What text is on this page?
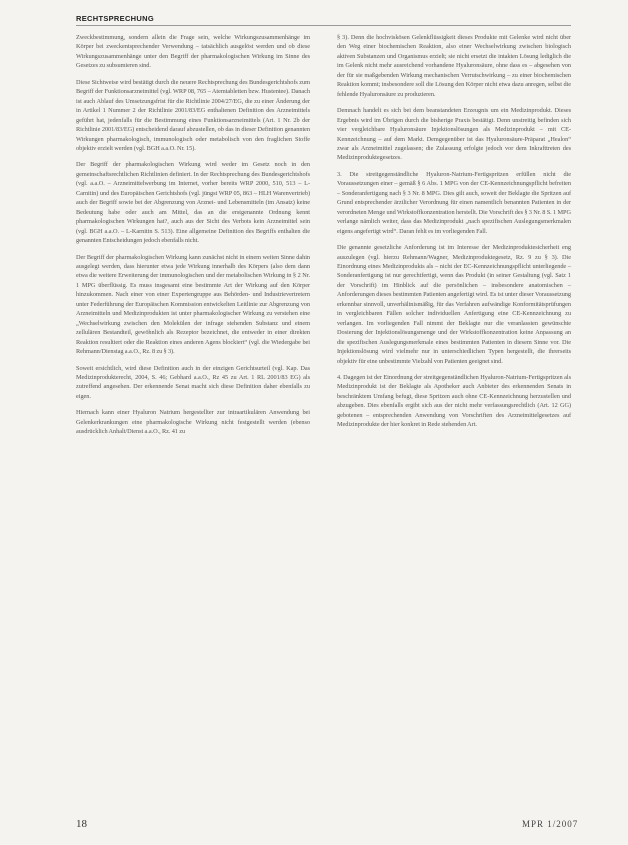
RECHTSPRECHUNG

Zweckbestimmung, sondern allein die Frage sein, welche Wirkungszusammenhänge im Körper bei zweckentsprechender Verwendung – tatsächlich ausgelöst werden und ob diese Wirkungszusammenhänge unter den Begriff der pharmakologischen Wirkung im Sinne des Gesetzes zu subsumieren sind.

Diese Sichtweise wird bestätigt durch die neuere Rechtsprechung des Bundesgerichtshofs zum Begriff der Funktionsarzneimittel (vgl. WRP 08, 765 – Atemtabletten bzw. Hustentee). Danach ist auch Ablauf des Umsetzungsfrist für die Richtlinie 2004/27/EG, die zu einer Änderung der in Artikel 1 Nummer 2 der Richtlinie 2001/83/EG enthaltenen Definition des Arzneimittels geführt hat, jedenfalls für die Bestimmung eines Funktionsarzneimittels (Art. 1 Nr. 2b der Richtlinie 2001/83/EG) entscheidend darauf abzustellen, ob das in dieser Definition genannten Wirkungen pharmakologisch, immunologisch oder metabolisch von den fraglichen Stoffe objektiv erzielt werden (vgl. BGH a.a.O. Nr. 15).

Der Begriff der pharmakologischen Wirkung wird weder im Gesetz noch in den gemeinschaftsrechtlichen Richtlinien definiert. In der Rechtsprechung des Bundesgerichtshofs (vgl. a.a.O. – Arzneimittelwerbung im Internet, vorher bereits WRP 2000, 510, 513 – L-Carnitin) und des Europäischen Gerichtshofs (vgl. jüngst WRP 05, 863 – HLH Warenvertrieb) auch der Begriff sowie bei der Abgrenzung von Arznei- und Lebensmitteln (im Ansatz) keine Bedeutung habe oder auch am Mittel, das an die erstgenannte Ordnung kennt pharmakologischen Wirkungen hat?, auch aus der Sicht des Verbots kein Arzneimittel sein (vgl. BGH a.a.O. – L-Karnitin S. 513). Eine allgemeine Definition des Begriffs enthalten die genannten Entscheidungen jedoch ebenfalls nicht.

Der Begriff der pharmakologischen Wirkung kann zunächst nicht in einem weiten Sinne dahin ausgelegt werden, dass hierunter etwa jede Wirkung innerhalb des Körpers (also dem dann etwa die weitere Erweiterung der immunologischen und der metabolischen Wirkung in § 2 Nr. 1 MPG überflüssig. Es muss insgesamt eine bestimmte Art der Wirkung auf den Körper hinzukommen. Nach einer von einer Expertengruppe aus Behörden- und Industrievertretern unter Federführung der Europäischen Kommission entwickelten Leitlinie zur Abgrenzung von Arzneimitteln und Medizinprodukten ist unter pharmakologischer Wirkung zu verstehen eine „Wechselwirkung zwischen den Molekülen der infrage stehenden Substanz und einem zellulären Bestandteil, gewöhnlich als Rezeptor bezeichnet, die entweder in einer direkten Reaktion resultiert oder die Reaktion eines anderen Agens blockiert“ (vgl. die Wiedergabe bei Rehmann/Dienstag a.a.O., Rz. 8 zu § 3).

Soweit ersichtlich, wird diese Definition auch in der einzigen Gerichtsurteil (vgl. Kap. Das Medizinprodukterecht, 2004, S. 46; Gebhard a.a.O., Rz 45 zu Art. 1 RL 2001/83 EG) als zutreffend angesehen. Der erkennende Senat macht sich diese Definition daher ebenfalls zu eigen.

Hiernach kann einer Hyaluron Natrium hergestellter zur intraartikulären Anwendung bei Gelenkerkrankungen eine pharmakologische Wirkung nicht festgestellt werden (ebenso ausdrücklich Anhalt/Dienst a.a.O., Rz. 41 zu

§ 3). Denn die hochviskösen Gelenkflüssigkeit dieses Produkte mit Gelenke wird nicht über den Weg einer biochemischen Reaktion, also einer Wechselwirkung zwischen biologisch aktiven Substanzen und Organismus erzielt; sie nicht ersetzt die intakten Lösung lediglich die im Gelenk nicht mehr ausreichend vorhandene Hyaluronsäure, ohne dass es – abgesehen von der für sie maßgebenden Wirkung mechanischen Verrutschwirkung – zu einer biochemischen Reaktion kommt; insbesondere soll die Lösung den Körper nicht etwa dazu anregen, selbst die fehlende Hyaluronsäure zu produzieren.

Demnach handelt es sich bei dem beanstandeten Erzeugnis um ein Medizinprodukt. Dieses Ergebnis wird im Übrigen durch die bisherige Praxis bestätigt. Denn unstreitig befinden sich vier vergleichbare Hyaluronsäure Injektionslösungen als Medizinprodukt – mit CE-Kennzeichnung – auf dem Markt. Demgegenüber ist das Hyaluronsäure-Präparat „Healon“ zwar als Arzneimittel zugelassen; die Zulassung erfolgte jedoch vor dem Inkrafttreten des Medizinproduktegesetzes.

3. Die streitgegenständliche Hyaluron-Natrium-Fertigspritzen erfüllen nicht die Voraussetzungen einer – gemäß § 6 Abs. 1 MPG von der CE-Kennzeichnungspflicht befreiten – Sonderanfertigung nach § 3 Nr. 8 MPG. Dies gilt auch, soweit der Beklagte die Spritzen auf Grund entsprechender ärztlicher Verordnung für einen namentlich benannten Patienten in der verordneten Menge und Wirkstoffkonzentration herstellt. Die Vorschrift des § 3 Nr. 8 S. 1 MPG verlange nämlich weiter, dass das Medizinprodukt „nach spezifischen Auslegungsmerkmalen eigens angefertigt wird“. Daran fehlt es im vorliegenden Fall.

Die genannte gesetzliche Anforderung ist im Interesse der Medizinproduktesicherheit eng auszulegen (vgl. hierzu Rehmann/Wagner, Medizinproduktegesetz, Rz. 9 zu § 3). Die Einordnung eines Medizinprodukts als – nicht der EC-Kennzeichnungspflicht unterliegende – Sonderanfertigung ist nur gerechtfertigt, wenn das Produkt (in seiner Gestaltung (vgl. Satz 1 der Vorschrift) im Hinblick auf die persönlichen – insbesondere anatomischen – Anforderungen dieses bestimmten Patienten angefertigt wird. Es ist unter dieser Voraussetzung erkennbar sinnvoll, unverhältnismäßig, für das Verfahren aufwändige Konformitätsprüfungen in vergleichbaren Fällen solcher individuellen Anfertigung eine CE-Kennzeichnung zu verlangen. Im vorliegenden Fall nimmt der Beklagte nur die veranlassten gewünschte Dosierung der Injektionslösungsmenge und der Wirkstoffkonzentration keine Anpassung an die spezifischen Auslegungsmerkmale eines bestimmten Patienten in diesem Sinne vor. Die Injektionslösung wird vielmehr nur in unterschiedlichen Typen hergestellt, die ihrerseits objektiv für eine unbestimmte Vielzahl von Patienten geeignet sind.

4. Dagegen ist der Einordnung der streitgegenständlichen Hyaluron-Natrium-Fertigspritzen als Medizinprodukt ist der Beklagte als Apotheker auch Anbieter des erkennenden Senats in beschränktem Umfang befugt, diese Spritzen auch ohne CE-Kennzeichnung herzustellen und abzugeben. Dies ebenfalls ergibt sich aus der nicht mehr verfassungsrechtlich (Art. 12 GG) gebotenen – entsprechenden Anwendung von Vorschriften des Arzneimittelgesetzes auf Medizinprodukte der hier konkret in Rede stehenden Art.

18	MPR 1/2007
